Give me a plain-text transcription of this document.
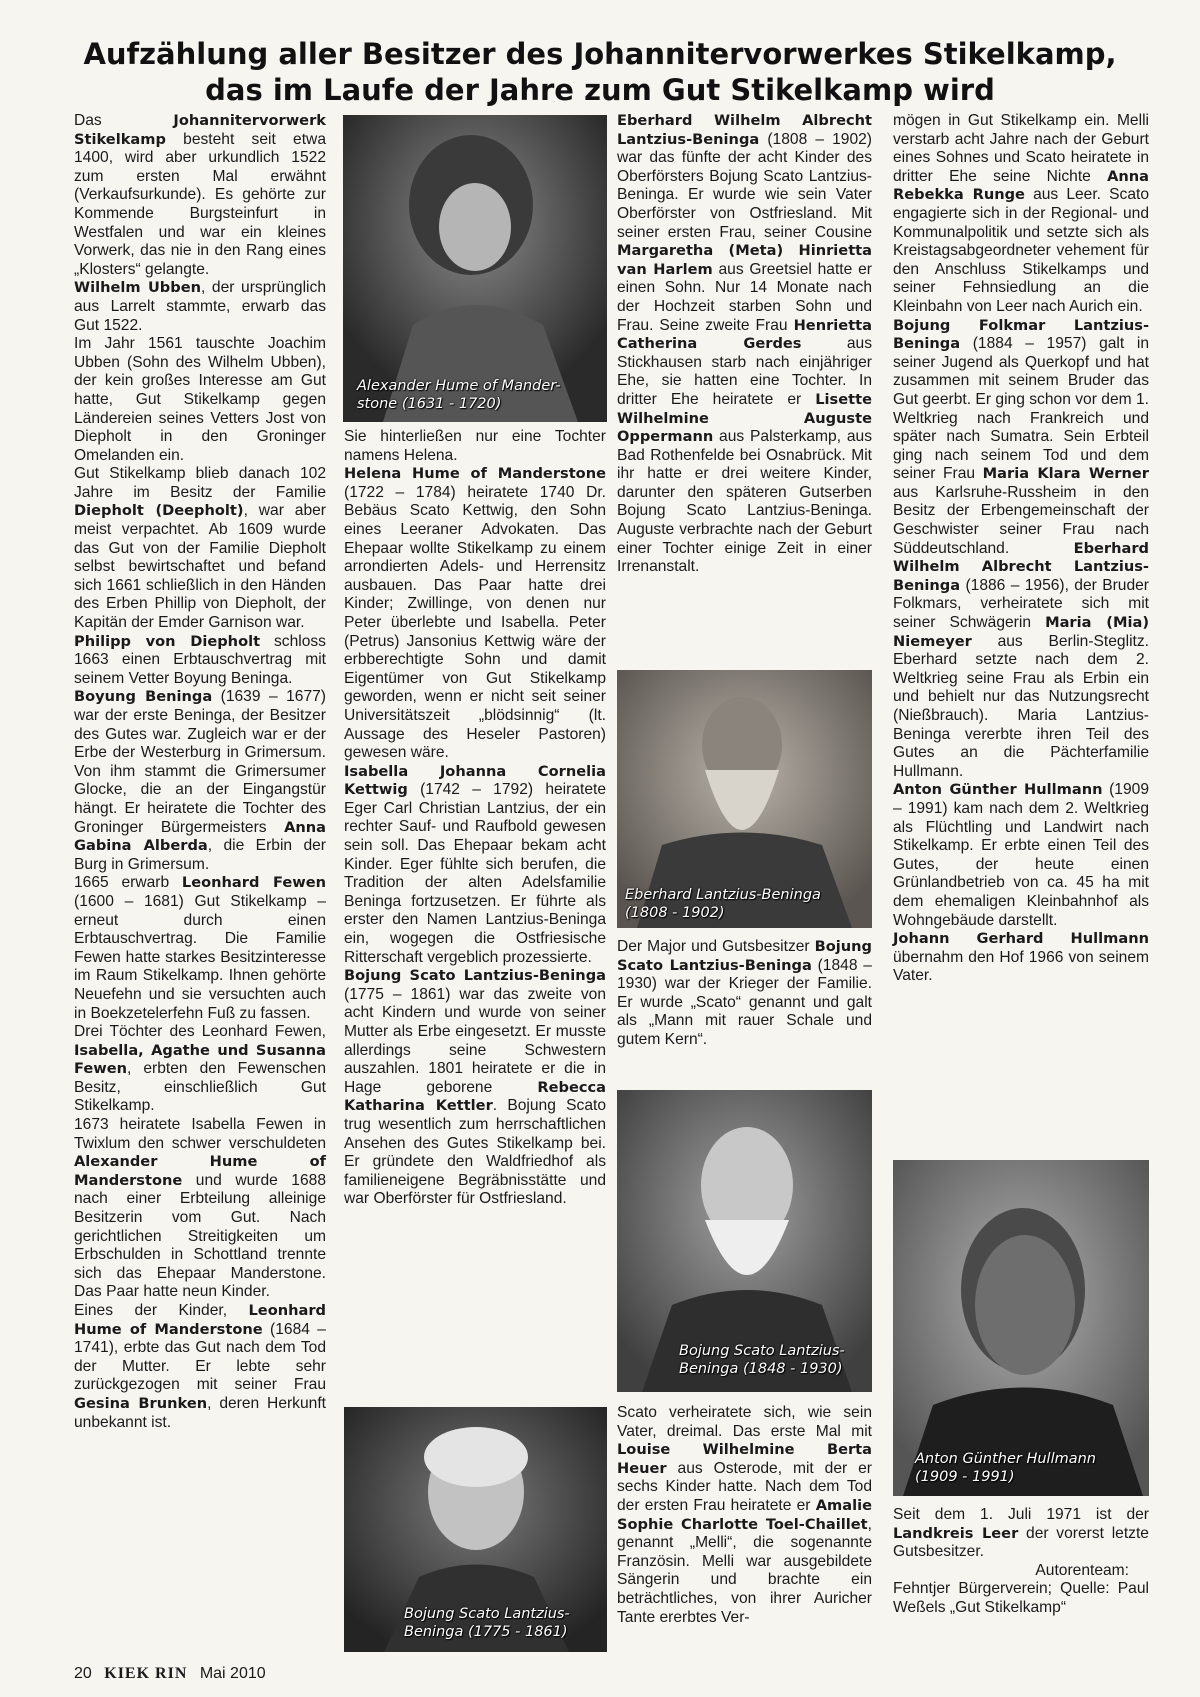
Aufzählung aller Besitzer des Johannitervorwerkes Stikelkamp,
das im Laufe der Jahre zum Gut Stikelkamp wird

Das Johannitervorwerk Stikelkamp besteht seit etwa 1400, wird aber urkundlich 1522 zum ersten Mal erwähnt (Verkaufsurkunde). Es gehörte zur Kommende Burgsteinfurt in Westfalen und war ein kleines Vorwerk, das nie in den Rang eines „Klosters“ gelangte.

Wilhelm Ubben, der ursprünglich aus Larrelt stammte, erwarb das Gut 1522.

Im Jahr 1561 tauschte Joachim Ubben (Sohn des Wilhelm Ubben), der kein großes Interesse am Gut hatte, Gut Stikelkamp gegen Ländereien seines Vetters Jost von Diepholt in den Groninger Omelanden ein.

Gut Stikelkamp blieb danach 102 Jahre im Besitz der Familie Diepholt (Deepholt), war aber meist verpachtet. Ab 1609 wurde das Gut von der Familie Diepholt selbst bewirtschaftet und befand sich 1661 schließlich in den Händen des Erben Phillip von Diepholt, der Kapitän der Emder Garnison war.

Philipp von Diepholt schloss 1663 einen Erbtauschvertrag mit seinem Vetter Boyung Beninga.

Boyung Beninga (1639 – 1677) war der erste Beninga, der Besitzer des Gutes war. Zugleich war er der Erbe der Westerburg in Grimersum. Von ihm stammt die Grimersumer Glocke, die an der Eingangstür hängt. Er heiratete die Tochter des Groninger Bürgermeisters Anna Gabina Alberda, die Erbin der Burg in Grimersum.

1665 erwarb Leonhard Fewen (1600 – 1681) Gut Stikelkamp – erneut durch einen Erbtauschvertrag. Die Familie Fewen hatte starkes Besitzinteresse im Raum Stikelkamp. Ihnen gehörte Neuefehn und sie versuchten auch in Boekzetelerfehn Fuß zu fassen.

Drei Töchter des Leonhard Fewen, Isabella, Agathe und Susanna Fewen, erbten den Fewenschen Besitz, einschließlich Gut Stikelkamp.

1673 heiratete Isabella Fewen in Twixlum den schwer verschuldeten Alexander Hume of Manderstone und wurde 1688 nach einer Erbteilung alleinige Besitzerin vom Gut. Nach gerichtlichen Streitigkeiten um Erbschulden in Schottland trennte sich das Ehepaar Manderstone. Das Paar hatte neun Kinder.

Eines der Kinder, Leonhard Hume of Manderstone (1684 – 1741), erbte das Gut nach dem Tod der Mutter. Er lebte sehr zurückgezogen mit seiner Frau Gesina Brunken, deren Herkunft unbekannt ist.

Alexander Hume of Mander-
stone (1631 - 1720)

Sie hinterließen nur eine Tochter namens Helena.

Helena Hume of Manderstone (1722 – 1784) heiratete 1740 Dr. Bebäus Scato Kettwig, den Sohn eines Leeraner Advokaten. Das Ehepaar wollte Stikelkamp zu einem arrondierten Adels- und Herrensitz ausbauen. Das Paar hatte drei Kinder; Zwillinge, von denen nur Peter überlebte und Isabella. Peter (Petrus) Jansonius Kettwig wäre der erbberechtigte Sohn und damit Eigentümer von Gut Stikelkamp geworden, wenn er nicht seit seiner Universitätszeit „blödsinnig“ (lt. Aussage des Heseler Pastoren) gewesen wäre.

Isabella Johanna Cornelia Kettwig (1742 – 1792) heiratete Eger Carl Christian Lantzius, der ein rechter Sauf- und Raufbold gewesen sein soll. Das Ehepaar bekam acht Kinder. Eger fühlte sich berufen, die Tradition der alten Adelsfamilie Beninga fortzusetzen. Er führte als erster den Namen Lantzius-Beninga ein, wogegen die Ostfriesische Ritterschaft vergeblich prozessierte.

Bojung Scato Lantzius-Beninga (1775 – 1861) war das zweite von acht Kindern und wurde von seiner Mutter als Erbe eingesetzt. Er musste allerdings seine Schwestern auszahlen. 1801 heiratete er die in Hage geborene Rebecca Katharina Kettler. Bojung Scato trug wesentlich zum herrschaftlichen Ansehen des Gutes Stikelkamp bei. Er gründete den Waldfriedhof als familieneigene Begräbnisstätte und war Oberförster für Ostfriesland.

Bojung Scato Lantzius-
Beninga (1775 - 1861)

Eberhard Wilhelm Albrecht Lantzius-Beninga (1808 – 1902) war das fünfte der acht Kinder des Oberförsters Bojung Scato Lantzius-Beninga. Er wurde wie sein Vater Oberförster von Ostfriesland. Mit seiner ersten Frau, seiner Cousine Margaretha (Meta) Hinrietta van Harlem aus Greetsiel hatte er einen Sohn. Nur 14 Monate nach der Hochzeit starben Sohn und Frau. Seine zweite Frau Henrietta Catherina Gerdes aus Stickhausen starb nach einjähriger Ehe, sie hatten eine Tochter. In dritter Ehe heiratete er Lisette Wilhelmine Auguste Oppermann aus Palsterkamp, aus Bad Rothenfelde bei Osnabrück. Mit ihr hatte er drei weitere Kinder, darunter den späteren Gutserben Bojung Scato Lantzius-Beninga. Auguste verbrachte nach der Geburt einer Tochter einige Zeit in einer Irrenanstalt.

Eberhard Lantzius-Beninga
(1808 - 1902)

Der Major und Gutsbesitzer Bojung Scato Lantzius-Beninga (1848 – 1930) war der Krieger der Familie. Er wurde „Scato“ genannt und galt als „Mann mit rauer Schale und gutem Kern“.

Bojung Scato Lantzius-
Beninga (1848 - 1930)

Scato verheiratete sich, wie sein Vater, dreimal. Das erste Mal mit Louise Wilhelmine Berta Heuer aus Osterode, mit der er sechs Kinder hatte. Nach dem Tod der ersten Frau heiratete er Amalie Sophie Charlotte Toel-Chaillet, genannt „Melli“, die sogenannte Französin. Melli war ausgebildete Sängerin und brachte ein beträchtliches, von ihrer Auricher Tante ererbtes Ver-

mögen in Gut Stikelkamp ein. Melli verstarb acht Jahre nach der Geburt eines Sohnes und Scato heiratete in dritter Ehe seine Nichte Anna Rebekka Runge aus Leer. Scato engagierte sich in der Regional- und Kommunalpolitik und setzte sich als Kreistagsabgeordneter vehement für den Anschluss Stikelkamps und seiner Fehnsiedlung an die Kleinbahn von Leer nach Aurich ein.

Bojung Folkmar Lantzius-Beninga (1884 – 1957) galt in seiner Jugend als Querkopf und hat zusammen mit seinem Bruder das Gut geerbt. Er ging schon vor dem 1. Weltkrieg nach Frankreich und später nach Sumatra. Sein Erbteil ging nach seinem Tod und dem seiner Frau Maria Klara Werner aus Karlsruhe-Russheim in den Besitz der Erbengemeinschaft der Geschwister seiner Frau nach Süddeutschland. Eberhard Wilhelm Albrecht Lantzius-Beninga (1886 – 1956), der Bruder Folkmars, verheiratete sich mit seiner Schwägerin Maria (Mia) Niemeyer aus Berlin-Steglitz. Eberhard setzte nach dem 2. Weltkrieg seine Frau als Erbin ein und behielt nur das Nutzungsrecht (Nießbrauch). Maria Lantzius-Beninga vererbte ihren Teil des Gutes an die Pächterfamilie Hullmann.

Anton Günther Hullmann (1909 – 1991) kam nach dem 2. Weltkrieg als Flüchtling und Landwirt nach Stikelkamp. Er erbte einen Teil des Gutes, der heute einen Grünlandbetrieb von ca. 45 ha mit dem ehemaligen Kleinbahnhof als Wohngebäude darstellt.

Johann Gerhard Hullmann übernahm den Hof 1966 von seinem Vater.

Anton Günther Hullmann
(1909 - 1991)

Seit dem 1. Juli 1971 ist der Landkreis Leer der vorerst letzte Gutsbesitzer.

Autorenteam:

Fehntjer Bürgerverein; Quelle: Paul Weßels „Gut Stikelkamp“

20 KIEK RIN Mai 2010
